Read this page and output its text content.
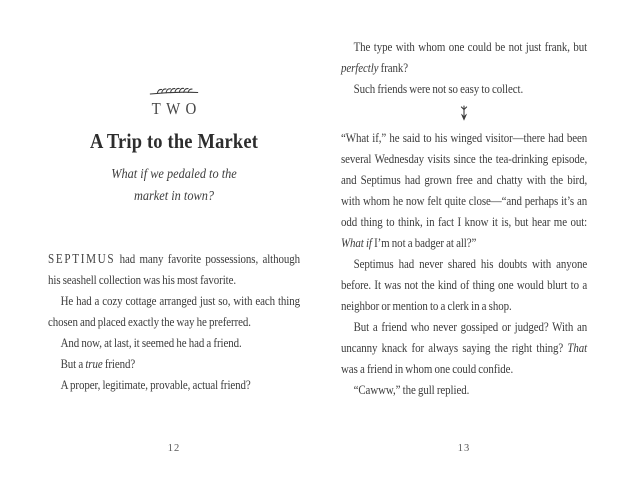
TWO
A Trip to the Market
What if we pedaled to the
market in town?

SEPTIMUS had many favorite possessions, although his seashell collection was his most favorite.

He had a cozy cottage arranged just so, with each thing chosen and placed exactly the way he preferred.

And now, at last, it seemed he had a friend.

But a true friend?

A proper, legitimate, provable, actual friend?

12

The type with whom one could be not just frank, but perfectly frank?

Such friends were not so easy to collect.

“What if,” he said to his winged visitor—there had been several Wednesday visits since the tea-drinking episode, and Septimus had grown free and chatty with the bird, with whom he now felt quite close—“and perhaps it’s an odd thing to think, in fact I know it is, but hear me out: What if I’m not a badger at all?”

Septimus had never shared his doubts with anyone before. It was not the kind of thing one would blurt to a neighbor or mention to a clerk in a shop.

But a friend who never gossiped or judged? With an uncanny knack for always saying the right thing? That was a friend in whom one could confide.

“Cawww,” the gull replied.

13
